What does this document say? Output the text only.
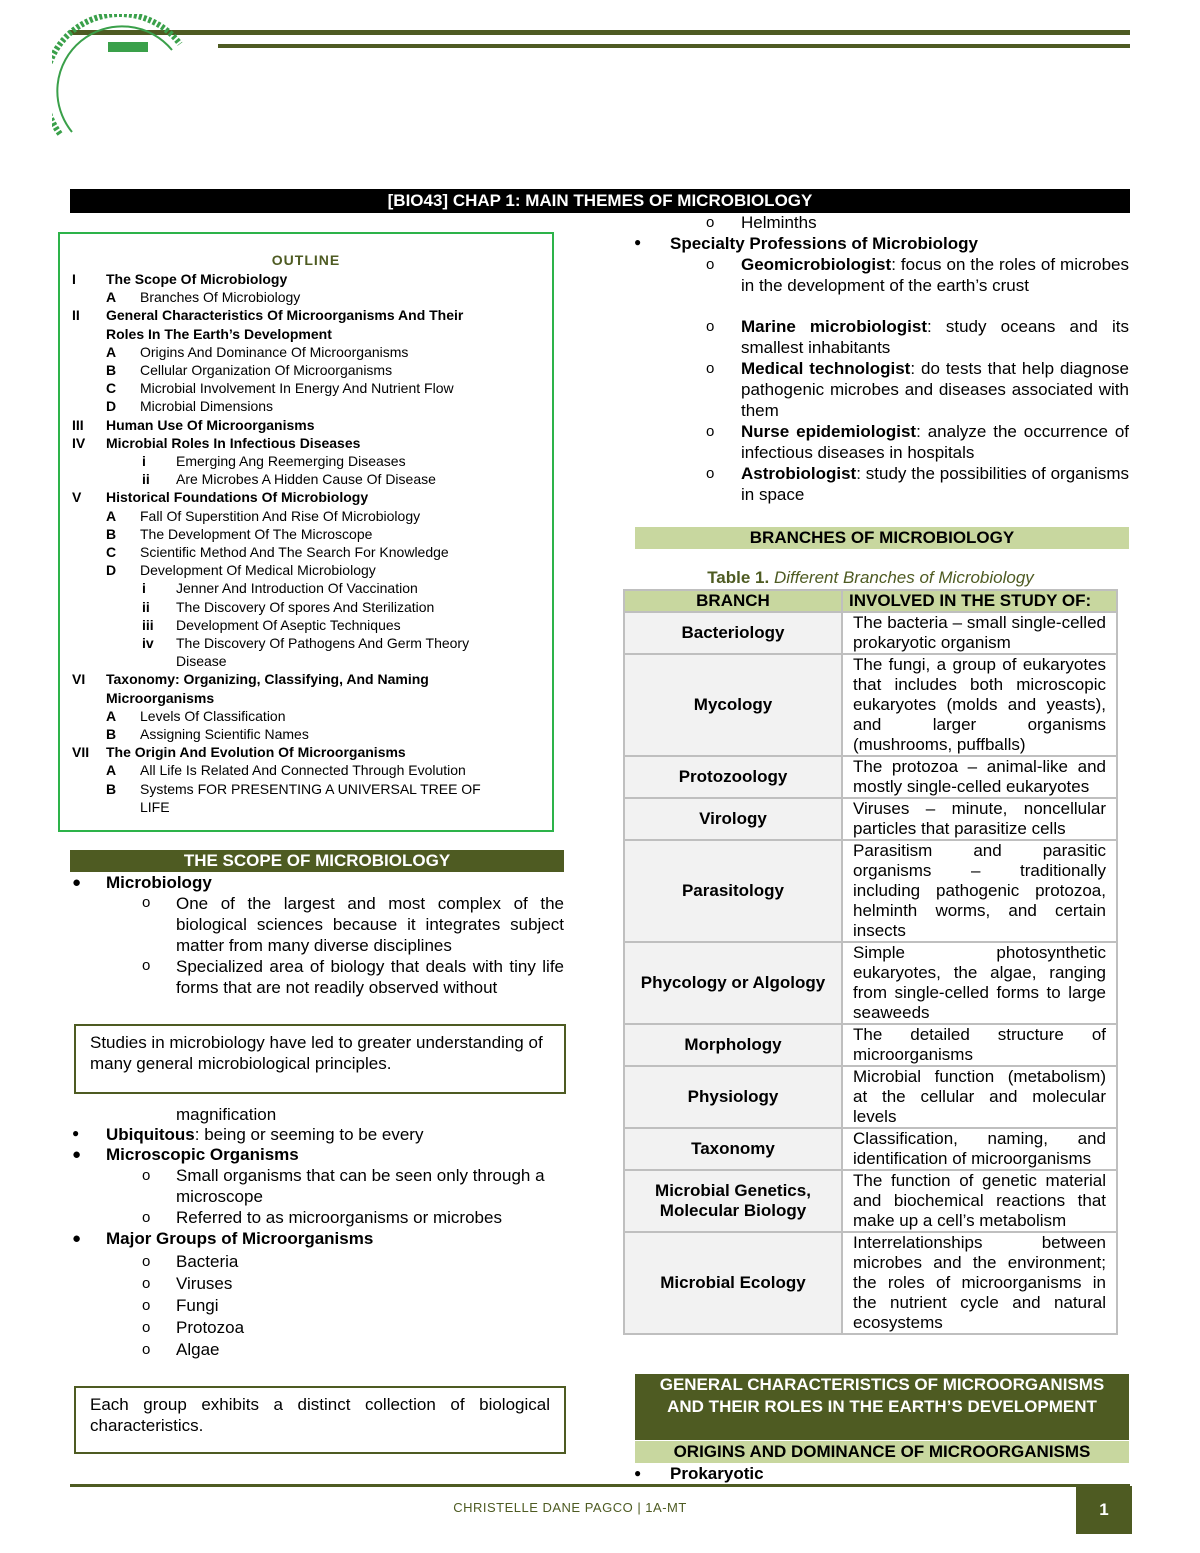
[BIO43] CHAP 1: MAIN THEMES OF MICROBIOLOGY
OUTLINE
I The Scope Of Microbiology
A Branches Of Microbiology
II General Characteristics Of Microorganisms And Their
Roles In The Earth’s Development
A Origins And Dominance Of Microorganisms
B Cellular Organization Of Microorganisms
C Microbial Involvement In Energy And Nutrient Flow
D Microbial Dimensions
III Human Use Of Microorganisms
IV Microbial Roles In Infectious Diseases
i Emerging Ang Reemerging Diseases
ii Are Microbes A Hidden Cause Of Disease
V Historical Foundations Of Microbiology
A Fall Of Superstition And Rise Of Microbiology
B The Development Of The Microscope
C Scientific Method And The Search For Knowledge
D Development Of Medical Microbiology
i Jenner And Introduction Of Vaccination
ii The Discovery Of spores And Sterilization
iii Development Of Aseptic Techniques
iv The Discovery Of Pathogens And Germ Theory
Disease
VI Taxonomy: Organizing, Classifying, And Naming
Microorganisms
A Levels Of Classification
B Assigning Scientific Names
VII The Origin And Evolution Of Microorganisms
A All Life Is Related And Connected Through Evolution
B Systems FOR PRESENTING A UNIVERSAL TREE OF
LIFE
THE SCOPE OF MICROBIOLOGY
● Microbiology
o One of the largest and most complex of the biological sciences because it integrates subject matter from many diverse disciplines
o Specialized area of biology that deals with tiny life forms that are not readily observed without
Studies in microbiology have led to greater understanding of many general microbiological principles.
magnification
● Ubiquitous: being or seeming to be every
● Microscopic Organisms
o Small organisms that can be seen only through a microscope
o Referred to as microorganisms or microbes
● Major Groups of Microorganisms
o Bacteria
o Viruses
o Fungi
o Protozoa
o Algae
Each group exhibits a distinct collection of biological characteristics.
o Helminths
● Specialty Professions of Microbiology
o Geomicrobiologist: focus on the roles of microbes in the development of the earth’s crust
o Marine microbiologist: study oceans and its smallest inhabitants
o Medical technologist: do tests that help diagnose pathogenic microbes and diseases associated with them
o Nurse epidemiologist: analyze the occurrence of infectious diseases in hospitals
o Astrobiologist: study the possibilities of organisms in space
BRANCHES OF MICROBIOLOGY
Table 1. Different Branches of Microbiology
BRANCH	INVOLVED IN THE STUDY OF:
Bacteriology	The bacteria – small single-celled prokaryotic organism
Mycology	The fungi, a group of eukaryotes that includes both microscopic eukaryotes (molds and yeasts), and larger organisms (mushrooms, puffballs)
Protozoology	The protozoa – animal-like and mostly single-celled eukaryotes
Virology	Viruses – minute, noncellular particles that parasitize cells
Parasitology	Parasitism and parasitic organisms – traditionally including pathogenic protozoa, helminth worms, and certain insects
Phycology or Algology	Simple photosynthetic eukaryotes, the algae, ranging from single-celled forms to large seaweeds
Morphology	The detailed structure of microorganisms
Physiology	Microbial function (metabolism) at the cellular and molecular levels
Taxonomy	Classification, naming, and identification of microorganisms
Microbial Genetics, Molecular Biology	The function of genetic material and biochemical reactions that make up a cell’s metabolism
Microbial Ecology	Interrelationships between microbes and the environment; the roles of microorganisms in the nutrient cycle and natural ecosystems
GENERAL CHARACTERISTICS OF MICROORGANISMS AND THEIR ROLES IN THE EARTH’S DEVELOPMENT
ORIGINS AND DOMINANCE OF MICROORGANISMS
● Prokaryotic
CHRISTELLE DANE PAGCO | 1A-MT	1
